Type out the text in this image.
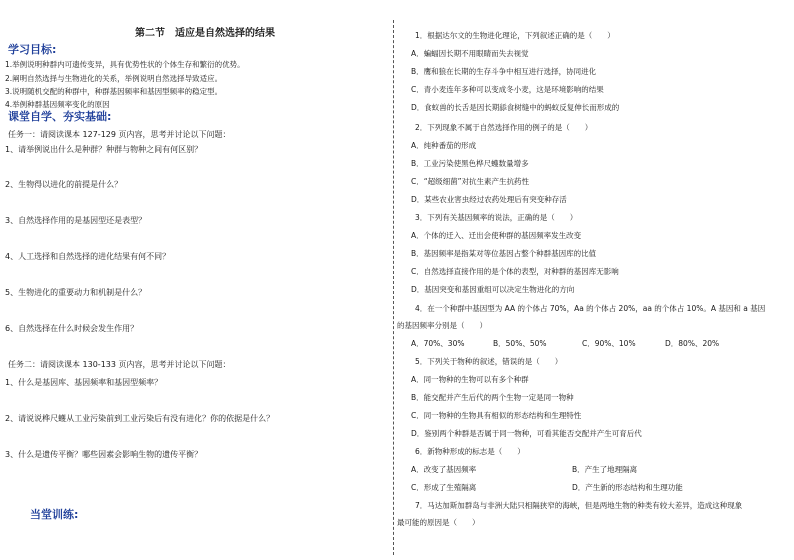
第二节　适应是自然选择的结果
学习目标:
1.举例说明种群内可遗传变异，具有优势性状的个体生存和繁衍的优势。
2.阐明自然选择与生物进化的关系，举例说明自然选择导致适应。
3.说明随机交配的种群中，种群基因频率和基因型频率的稳定型。
4.举例种群基因频率变化的原因
课堂自学、夯实基础:
任务一：请阅读课本 127-129 页内容，思考并讨论以下问题：
1、请举例说出什么是种群？种群与物种之间有何区别？
2、生物得以进化的前提是什么？
3、自然选择作用的是基因型还是表型？
4、人工选择和自然选择的进化结果有何不同？
5、生物进化的重要动力和机制是什么？
6、自然选择在什么时候会发生作用？
任务二：请阅读课本 130-133 页内容，思考并讨论以下问题：
1、什么是基因库、基因频率和基因型频率？
2、请说说桦尺蠖从工业污染前到工业污染后有没有进化？你的依据是什么？
3、什么是遗传平衡？哪些因素会影响生物的遗传平衡？
当堂训练:
1．根据达尔文的生物进化理论，下列叙述正确的是（　　）
A．蝙蝠因长期不用眼睛而失去视觉
B．鹰和狼在长期的生存斗争中相互进行选择，协同进化
C．青小麦连年多种可以变成冬小麦，这是环境影响的结果
D．食蚁兽的长舌是因长期舔食树缝中的蚂蚁反复伸长而形成的
2．下列现象不属于自然选择作用的例子的是（　　）
A．纯种番茄的形成
B．工业污染使黑色桦尺蠖数量增多
C．“超级细菌”对抗生素产生抗药性
D．某些农业害虫经过农药处理后有突变种存活
3．下列有关基因频率的说法，正确的是（　　）
A．个体的迁入、迁出会使种群的基因频率发生改变
B．基因频率是指某对等位基因占整个种群基因库的比值
C．自然选择直接作用的是个体的表型，对种群的基因库无影响
D．基因突变和基因重组可以决定生物进化的方向
4．在一个种群中基因型为 AA 的个体占 70%，Aa 的个体占 20%，aa 的个体占 10%。A 基因和 a 基因
的基因频率分别是（　　）
A．70%、30%	B．50%、50%	C．90%、10%	D．80%、20%
5．下列关于物种的叙述，错误的是（　　）
A．同一物种的生物可以有多个种群
B．能交配并产生后代的两个生物一定是同一物种
C．同一物种的生物具有相似的形态结构和生理特性
D．鉴别两个种群是否属于同一物种，可看其能否交配并产生可育后代
6．新物种形成的标志是（　　）
A．改变了基因频率	B．产生了地理隔离
C．形成了生殖隔离	D．产生新的形态结构和生理功能
7．马达加斯加群岛与非洲大陆只相隔狭窄的海峡，但是两地生物的种类有较大差异，造成这种现象
最可能的原因是（　　）
